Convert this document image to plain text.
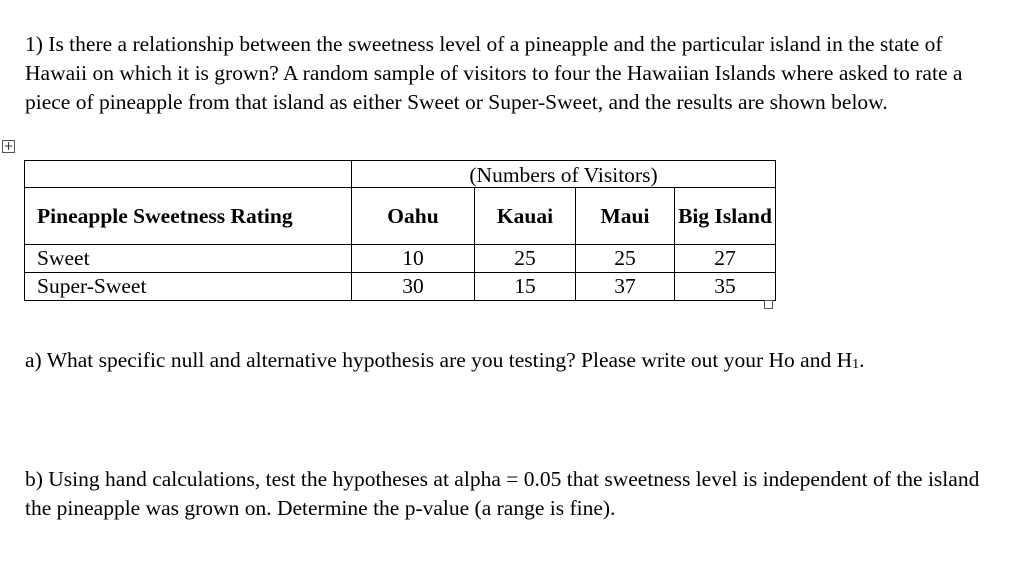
1) Is there a relationship between the sweetness level of a pineapple and the particular island in the state of Hawaii on which it is grown? A random sample of visitors to four the Hawaiian Islands where asked to rate a piece of pineapple from that island as either Sweet or Super-Sweet, and the results are shown below.

+
	(Numbers of Visitors)			
Pineapple Sweetness Rating	Oahu	Kauai	Maui	Big Island
Sweet	10	25	25	27
Super-Sweet	30	15	37	35

a) What specific null and alternative hypothesis are you testing? Please write out your Ho and H1.

b) Using hand calculations, test the hypotheses at alpha = 0.05 that sweetness level is independent of the island the pineapple was grown on. Determine the p-value (a range is fine).
